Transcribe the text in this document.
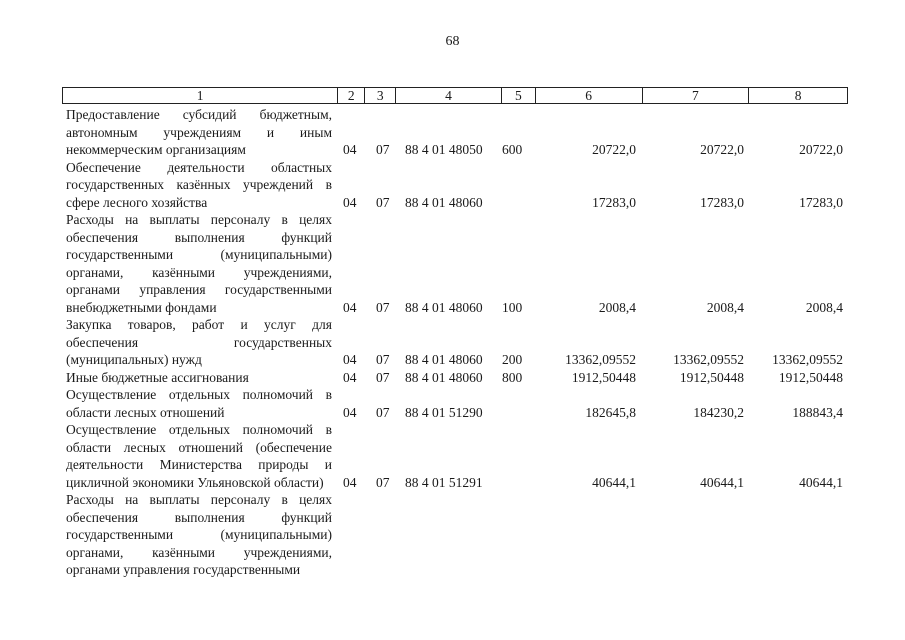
68
1	2	3	4	5	6	7	8
Предоставление субсидий бюджетным, автономным учреждениям и иным некоммерческим организациям	04 07 88 4 01 48050 600	20722,0	20722,0	20722,0
Обеспечение деятельности областных государственных казённых учреждений в сфере лесного хозяйства	04 07 88 4 01 48060	17283,0	17283,0	17283,0
Расходы на выплаты персоналу в целях обеспечения выполнения функций государственными (муниципальными) органами, казёнными учреждениями, органами управления государственными внебюджетными фондами	04 07 88 4 01 48060 100	2008,4	2008,4	2008,4
Закупка товаров, работ и услуг для обеспечения государственных (муниципальных) нужд	04 07 88 4 01 48060 200	13362,09552	13362,09552 13362,09552
Иные бюджетные ассигнования	04 07 88 4 01 48060 800	1912,50448	1912,50448	1912,50448
Осуществление отдельных полномочий в области лесных отношений	04 07 88 4 01 51290	182645,8	184230,2	188843,4
Осуществление отдельных полномочий в области лесных отношений (обеспечение деятельности Министерства природы и цикличной экономики Ульяновской области)	04 07 88 4 01 51291	40644,1	40644,1	40644,1
Расходы на выплаты персоналу в целях обеспечения выполнения функций государственными (муниципальными) органами, казёнными учреждениями, органами управления государственными
